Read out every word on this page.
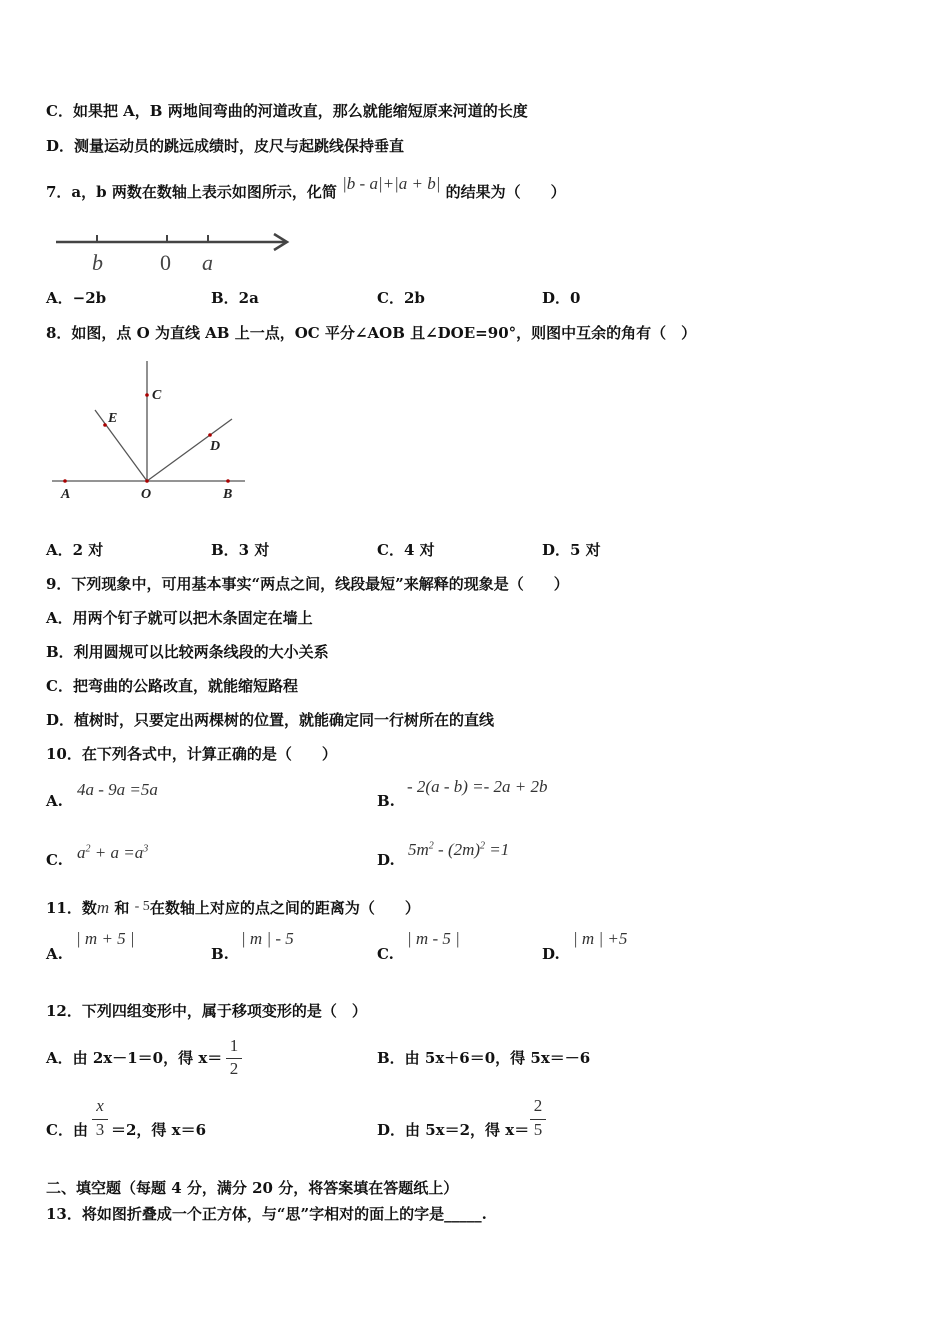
C．如果把 A，B 两地间弯曲的河道改直，那么就能缩短原来河道的长度
D．测量运动员的跳远成绩时，皮尺与起跳线保持垂直
7．a，b 两数在数轴上表示如图所示，化简 |b - a|+|a + b| 的结果为（　　）
b	0 a
A．−2b	B．2a	C．2b	D．0
8．如图，点 O 为直线 AB 上一点，OC 平分∠AOB 且∠DOE=90°，则图中互余的角有（　）
C
E
D
A	O	B
A．2 对	B．3 对	C．4 对	D．5 对
9．下列现象中，可用基本事实“两点之间，线段最短”来解释的现象是（　　）
A．用两个钉子就可以把木条固定在墙上
B．利用圆规可以比较两条线段的大小关系
C．把弯曲的公路改直，就能缩短路程
D．植树时，只要定出两棵树的位置，就能确定同一行树所在的直线
10．在下列各式中，计算正确的是（　　）
A.
4a - 9a =5a
B.
- 2(a - b) =- 2a + 2b
C. $a^2 + a =a^3$
D.
$5m^2 - (2m)^2 =1$
11．数m 和 - 5在数轴上对应的点之间的距离为（　　）
A.
| m + 5 |
B.
| m | - 5
C.
| m - 5 |
D.
| m | +5
12．下列四组变形中，属于移项变形的是（　）
A．由 2x－1＝0，得 x＝
1
2
B．由 5x＋6＝0，得 5x＝－6
C．由
x
3 ＝2，得 x＝6	D．由 5x＝2，得 x＝
2
5
二、填空题（每题 4 分，满分 20 分，将答案填在答题纸上）
13．将如图折叠成一个正方体，与“思”字相对的面上的字是_____.
